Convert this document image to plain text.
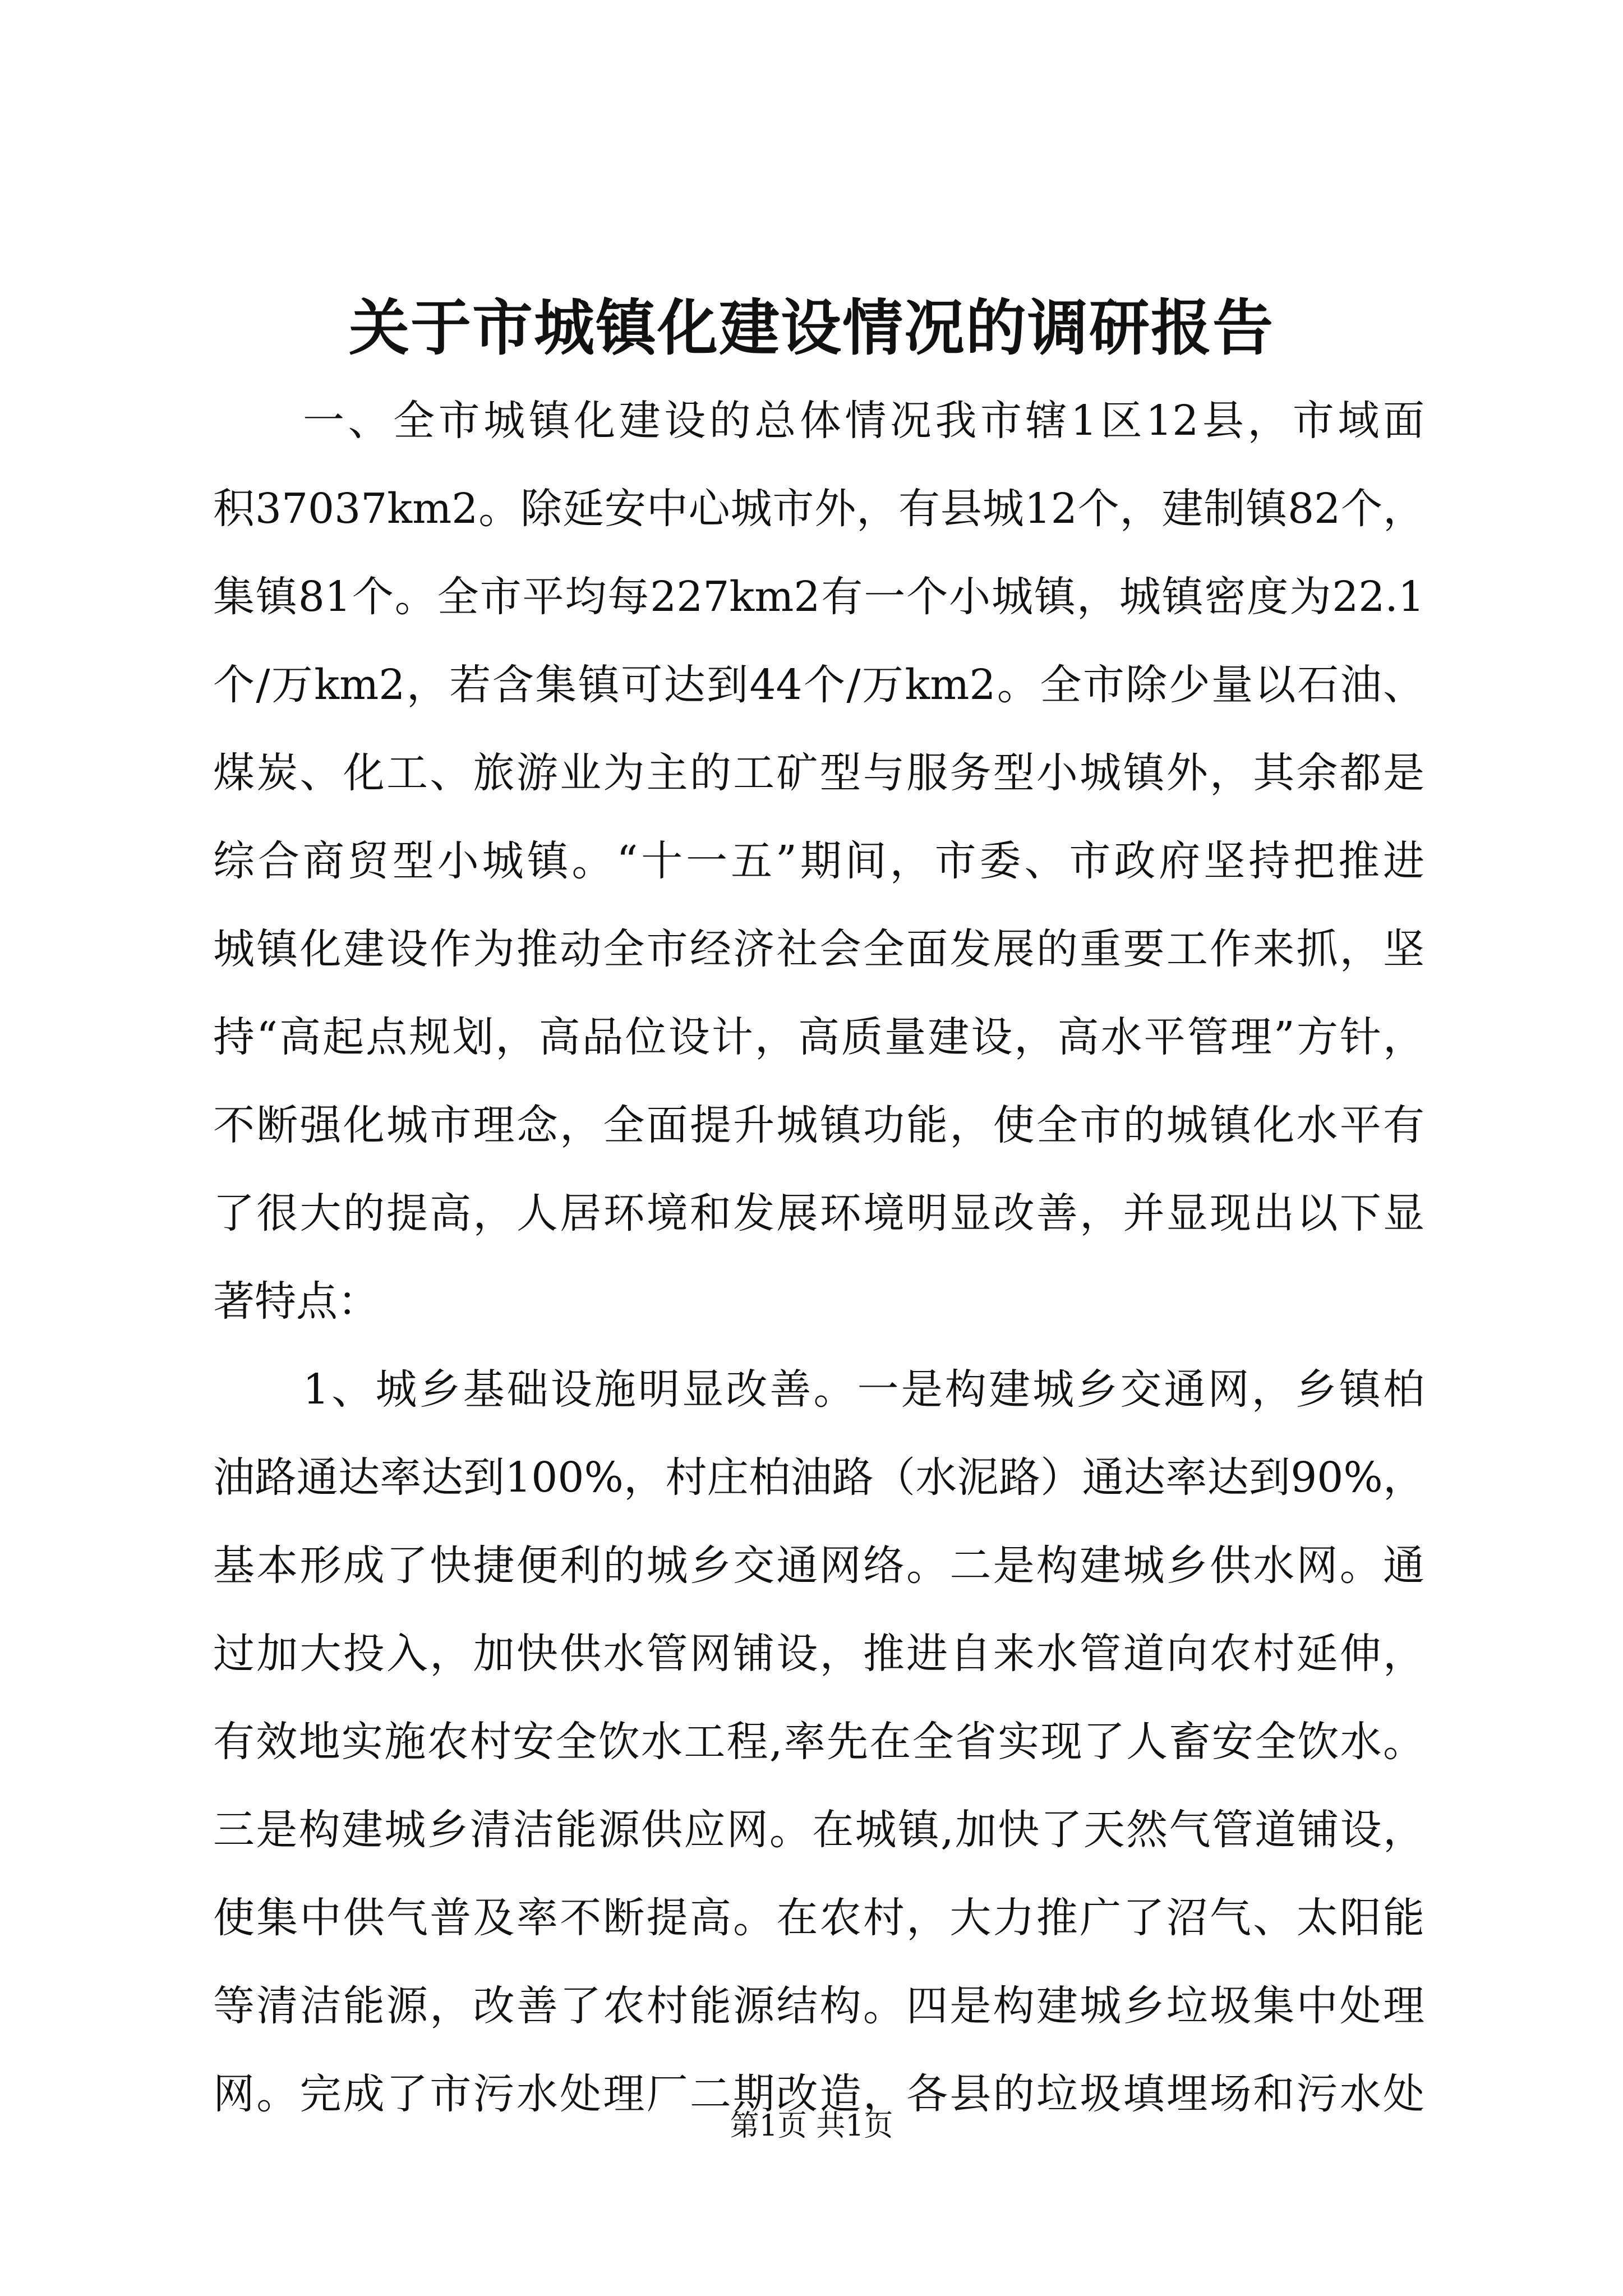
关于市城镇化建设情况的调研报告
一、全市城镇化建设的总体情况我市辖1区12县，市域面
积37037km2。除延安中心城市外，有县城12个，建制镇82个，
集镇81个。全市平均每227km2有一个小城镇，城镇密度为22.1
个/万km2，若含集镇可达到44个/万km2。全市除少量以石油、
煤炭、化工、旅游业为主的工矿型与服务型小城镇外，其余都是
综合商贸型小城镇。“十一五”期间，市委、市政府坚持把推进
城镇化建设作为推动全市经济社会全面发展的重要工作来抓，坚
持“高起点规划，高品位设计，高质量建设，高水平管理”方针，
不断强化城市理念，全面提升城镇功能，使全市的城镇化水平有
了很大的提高，人居环境和发展环境明显改善，并显现出以下显
著特点：
1、城乡基础设施明显改善。一是构建城乡交通网，乡镇柏
油路通达率达到100%，村庄柏油路（水泥路）通达率达到90%，
基本形成了快捷便利的城乡交通网络。二是构建城乡供水网。通
过加大投入，加快供水管网铺设，推进自来水管道向农村延伸，
有效地实施农村安全饮水工程,率先在全省实现了人畜安全饮水。
三是构建城乡清洁能源供应网。在城镇,加快了天然气管道铺设，
使集中供气普及率不断提高。在农村，大力推广了沼气、太阳能
等清洁能源，改善了农村能源结构。四是构建城乡垃圾集中处理
网。完成了市污水处理厂二期改造，各县的垃圾填埋场和污水处
第1页 共1页
